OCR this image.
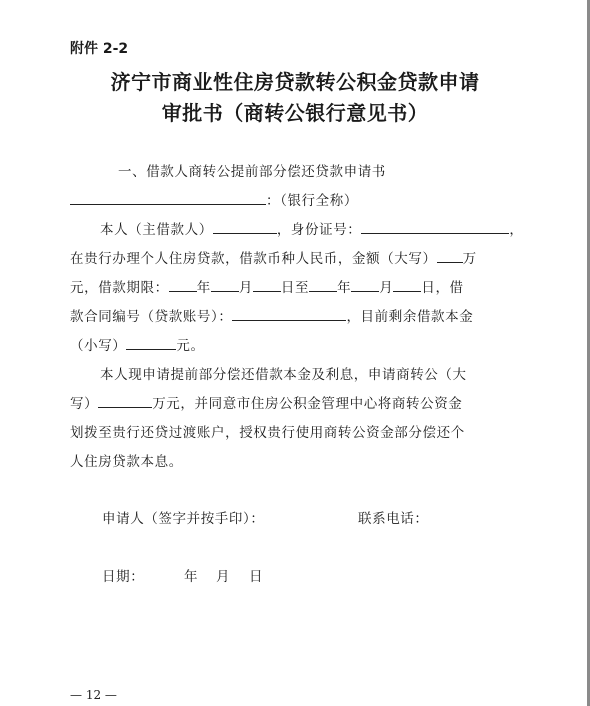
附件 2-2
济宁市商业性住房贷款转公积金贷款申请
审批书（商转公银行意见书）
一、借款人商转公提前部分偿还贷款申请书
：（银行全称）
本人（主借款人）	，身份证号：	，
在贵行办理个人住房贷款，借款币种人民币，金额（大写） 万
元，借款期限： 年 月 日至 年 月 日，借
款合同编号（贷款账号）：	，目前剩余借款本金
（小写）	元。
本人现申请提前部分偿还借款本金及利息，申请商转公（大
写）	万元，并同意市住房公积金管理中心将商转公资金
划拨至贵行还贷过渡账户，授权贵行使用商转公资金部分偿还个
人住房贷款本息。
申请人（签字并按手印）：	联系电话：
日期：	年 月 日
— 12 —
